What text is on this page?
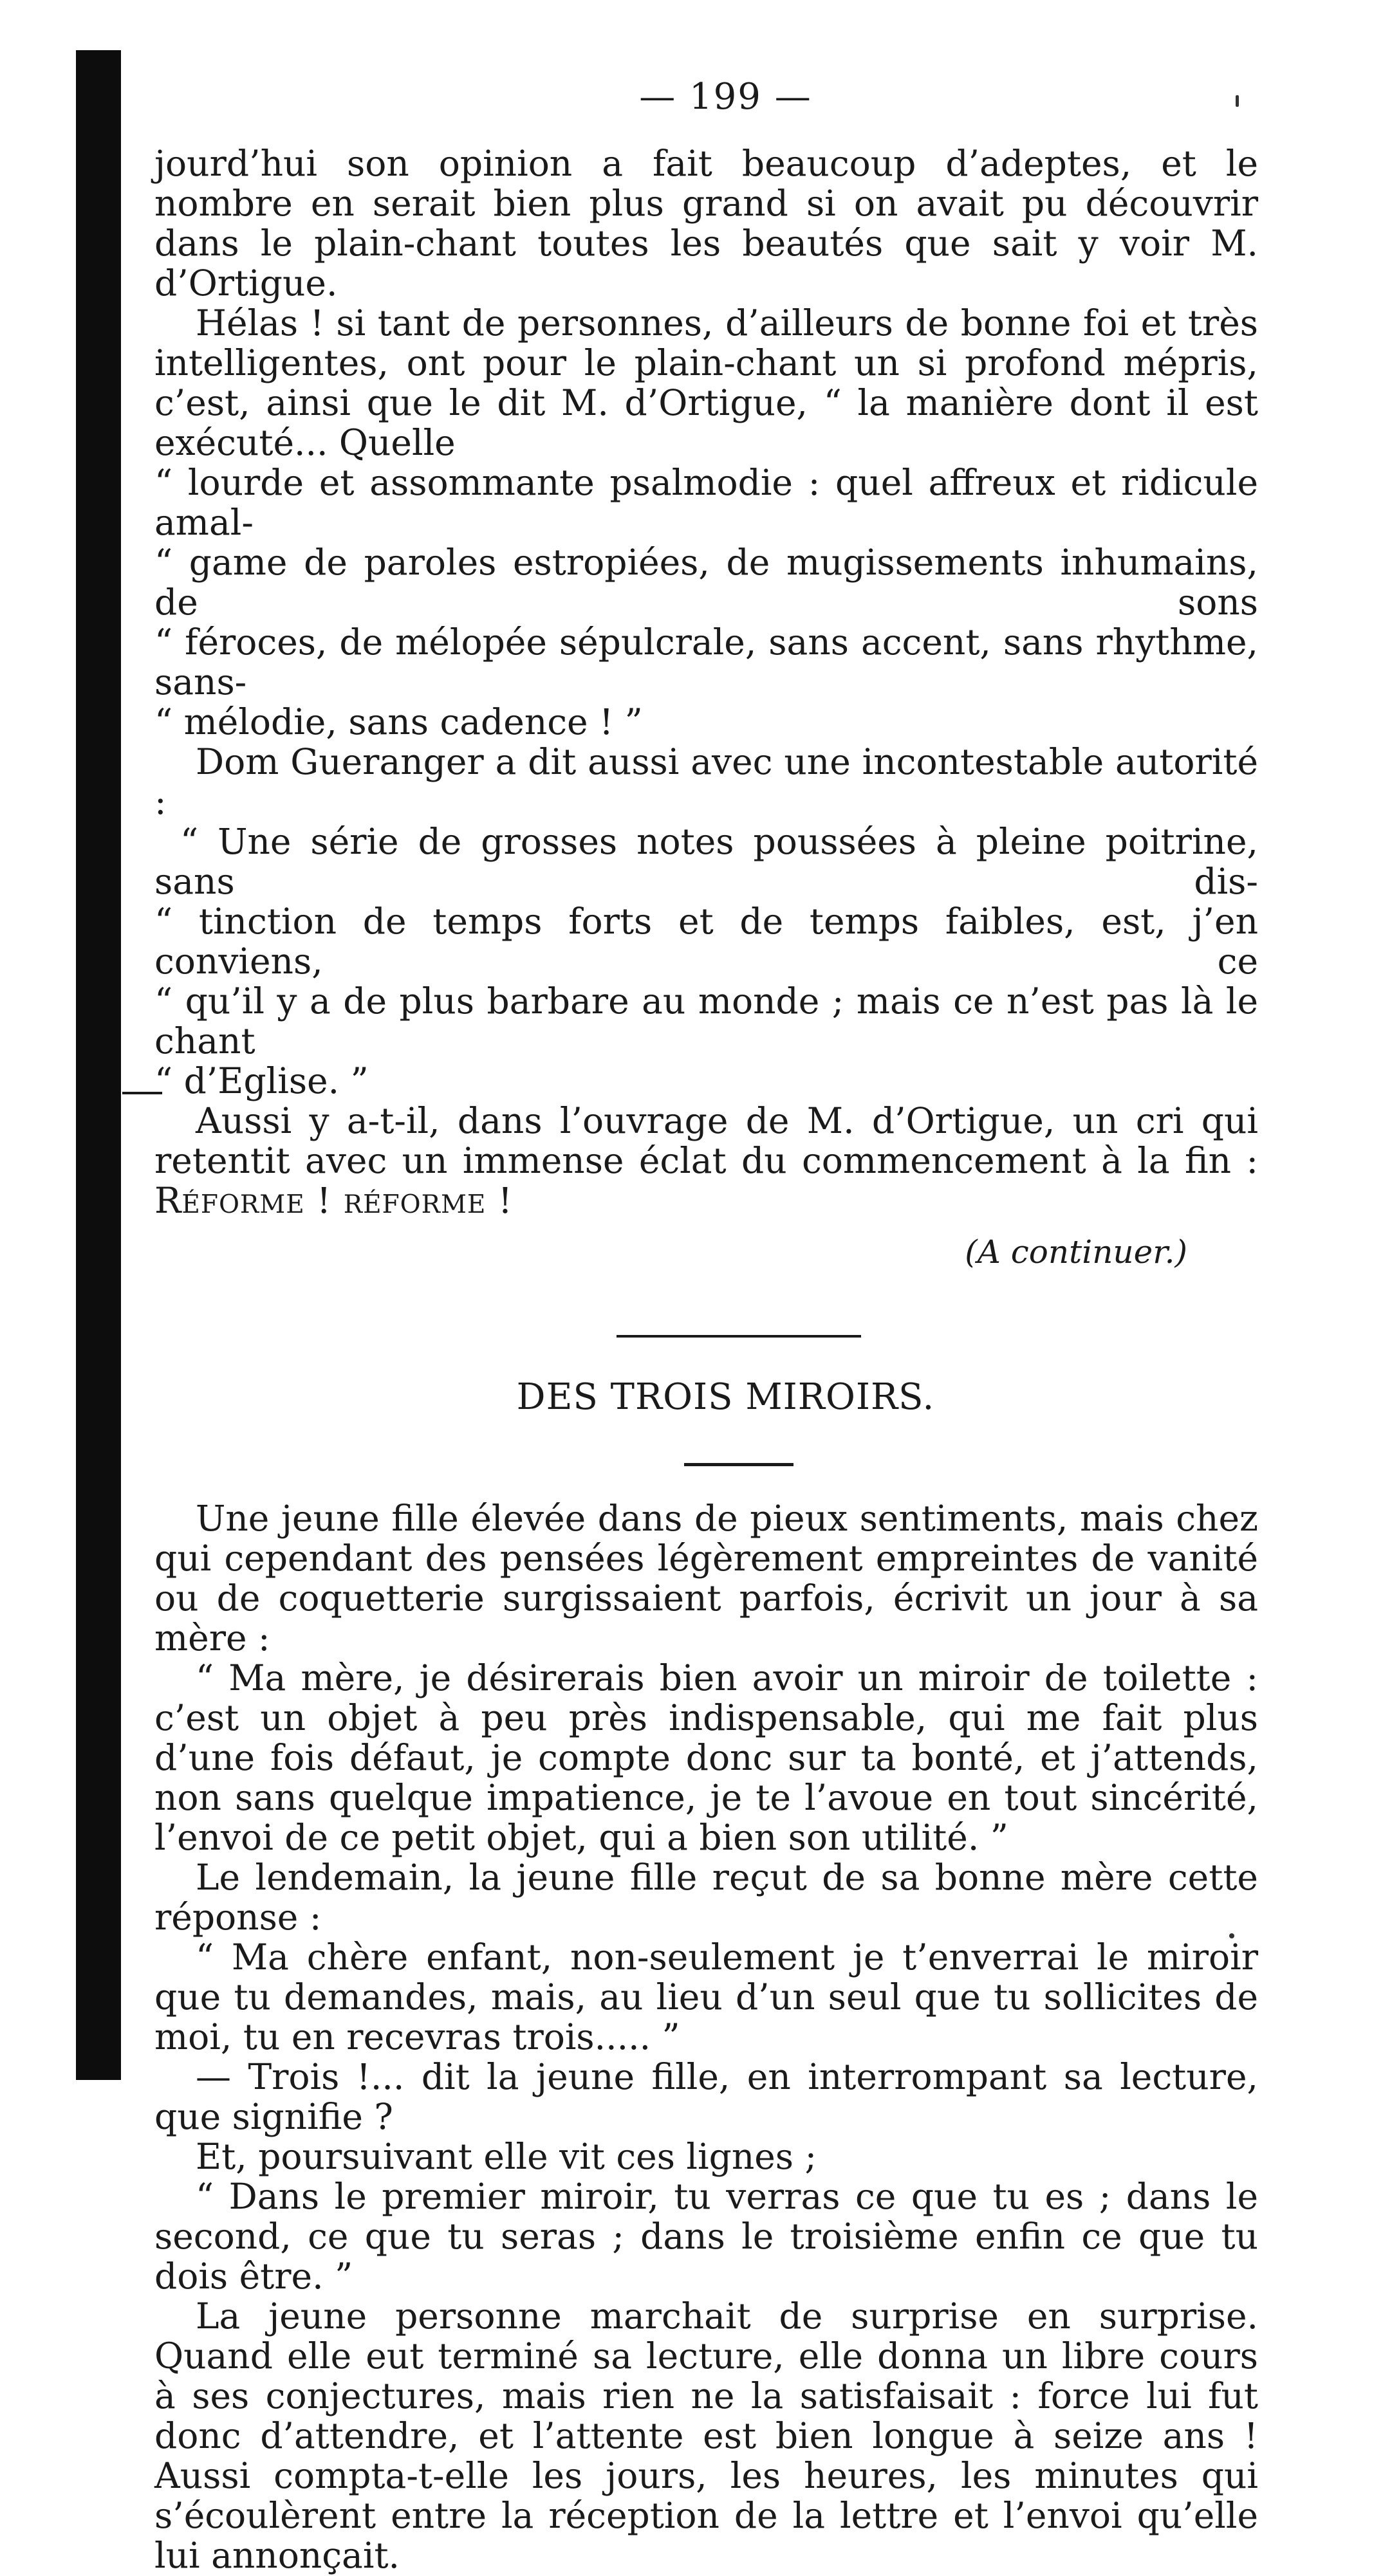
— 199 —

jourd’hui son opinion a fait beaucoup d’adeptes, et le nombre en serait bien plus grand si on avait pu découvrir dans le plain-chant toutes les beautés que sait y voir M. d’Ortigue.

Hélas ! si tant de personnes, d’ailleurs de bonne foi et très intelligentes, ont pour le plain-chant un si profond mépris, c’est, ainsi que le dit M. d’Ortigue, “ la manière dont il est exécuté... Quelle

“ lourde et assommante psalmodie : quel affreux et ridicule amal-

“ game de paroles estropiées, de mugissements inhumains, de sons

“ féroces, de mélopée sépulcrale, sans accent, sans rhythme, sans-

“ mélodie, sans cadence ! ”

Dom Gueranger a dit aussi avec une incontestable autorité :

“ Une série de grosses notes poussées à pleine poitrine, sans dis-

“ tinction de temps forts et de temps faibles, est, j’en conviens, ce

“ qu’il y a de plus barbare au monde ; mais ce n’est pas là le chant

“ d’Eglise. ”

Aussi y a-t-il, dans l’ouvrage de M. d’Ortigue, un cri qui retentit avec un immense éclat du commencement à la fin : Réforme ! réforme !

(A continuer.)

DES TROIS MIROIRS.

Une jeune fille élevée dans de pieux sentiments, mais chez qui cependant des pensées légèrement empreintes de vanité ou de coquetterie surgissaient parfois, écrivit un jour à sa mère :

“ Ma mère, je désirerais bien avoir un miroir de toilette : c’est un objet à peu près indispensable, qui me fait plus d’une fois défaut, je compte donc sur ta bonté, et j’attends, non sans quelque impatience, je te l’avoue en tout sincérité, l’envoi de ce petit objet, qui a bien son utilité. ”

Le lendemain, la jeune fille reçut de sa bonne mère cette réponse :

“ Ma chère enfant, non-seulement je t’enverrai le miroir que tu demandes, mais, au lieu d’un seul que tu sollicites de moi, tu en recevras trois..... ”

— Trois !... dit la jeune fille, en interrompant sa lecture, que signifie ?

Et, poursuivant elle vit ces lignes ;

“ Dans le premier miroir, tu verras ce que tu es ; dans le second, ce que tu seras ; dans le troisième enfin ce que tu dois être. ”

La jeune personne marchait de surprise en surprise. Quand elle eut terminé sa lecture, elle donna un libre cours à ses conjectures, mais rien ne la satisfaisait : force lui fut donc d’attendre, et l’attente est bien longue à seize ans ! Aussi compta-t-elle les jours, les heures, les minutes qui s’écoulèrent entre la réception de la lettre et l’envoi qu’elle lui annonçait.
